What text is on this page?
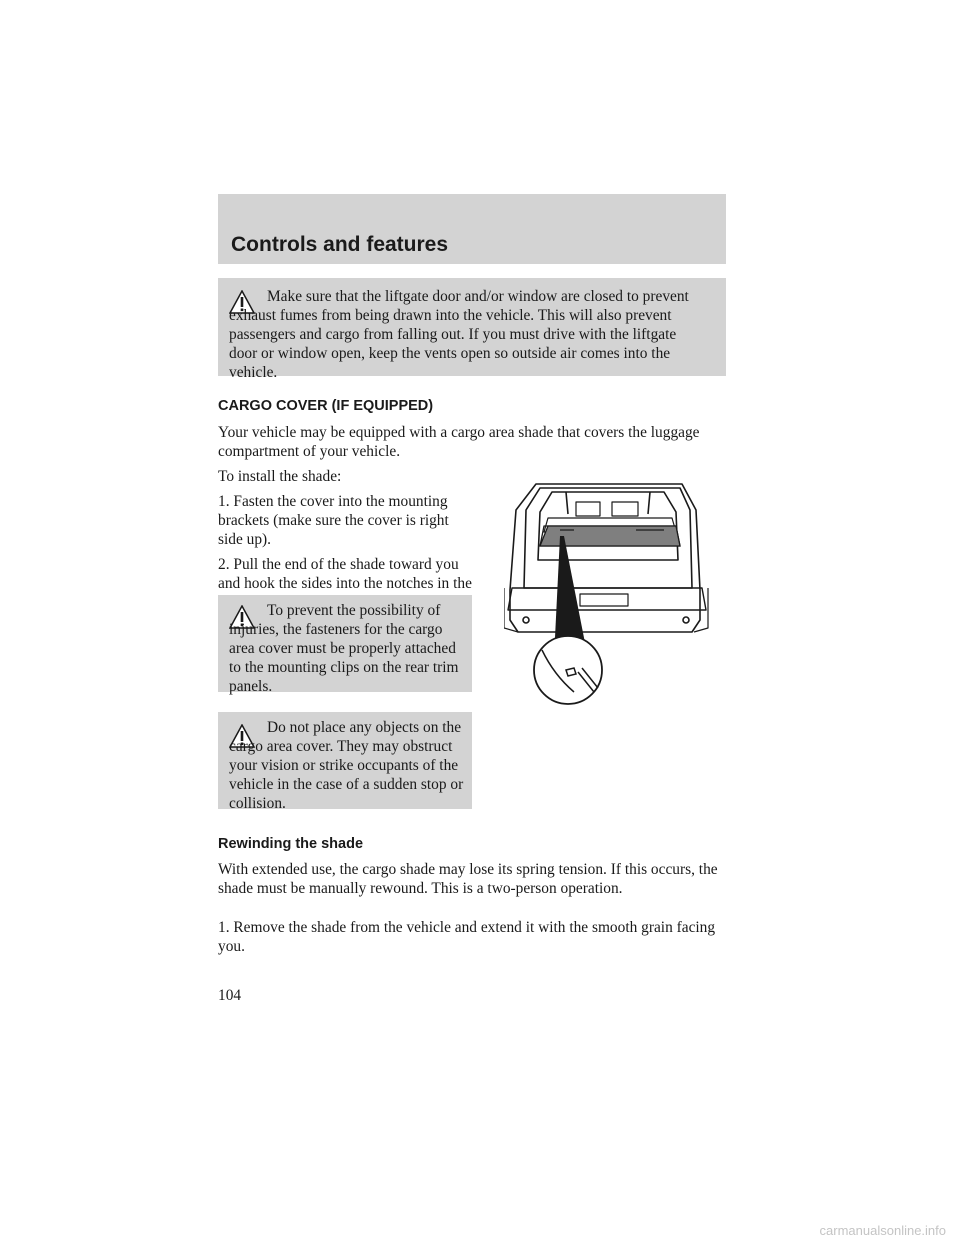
Controls and features

Make sure that the liftgate door and/or window are closed to prevent exhaust fumes from being drawn into the vehicle. This will also prevent passengers and cargo from falling out. If you must drive with the liftgate door or window open, keep the vents open so outside air comes into the vehicle.

CARGO COVER (IF EQUIPPED)

Your vehicle may be equipped with a cargo area shade that covers the luggage compartment of your vehicle.

To install the shade:

1. Fasten the cover into the mounting brackets (make sure the cover is right side up).

2. Pull the end of the shade toward you and hook the sides into the notches in the

To prevent the possibility of injuries, the fasteners for the cargo area cover must be properly attached to the mounting clips on the rear trim panels.

Do not place any objects on the cargo area cover. They may obstruct your vision or strike occupants of the vehicle in the case of a sudden stop or collision.

Rewinding the shade

With extended use, the cargo shade may lose its spring tension. If this occurs, the shade must be manually rewound. This is a two-person operation.

1. Remove the shade from the vehicle and extend it with the smooth grain facing you.

104
carmanualsonline.info
